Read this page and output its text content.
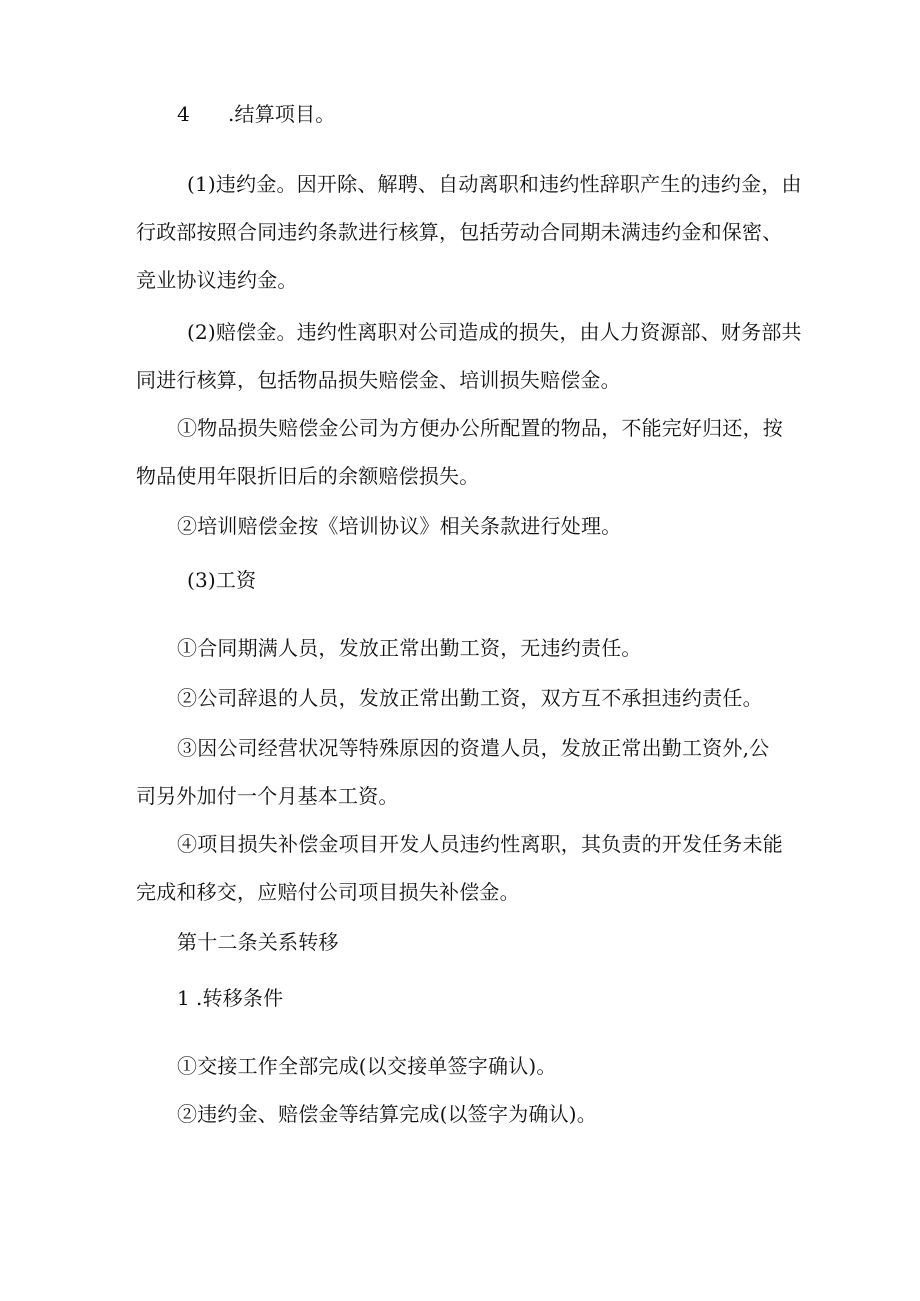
4 .结算项目。
(1)违约金。因开除、解聘、自动离职和违约性辞职产生的违约金，由
行政部按照合同违约条款进行核算，包括劳动合同期未满违约金和保密、
竞业协议违约金。
(2)赔偿金。违约性离职对公司造成的损失，由人力资源部、财务部共
同进行核算，包括物品损失赔偿金、培训损失赔偿金。
①物品损失赔偿金公司为方便办公所配置的物品，不能完好归还，按
物品使用年限折旧后的余额赔偿损失。
②培训赔偿金按《培训协议》相关条款进行处理。
(3)工资
①合同期满人员，发放正常出勤工资，无违约责任。
②公司辞退的人员，发放正常出勤工资，双方互不承担违约责任。
③因公司经营状况等特殊原因的资遣人员，发放正常出勤工资外,公
司另外加付一个月基本工资。
④项目损失补偿金项目开发人员违约性离职，其负责的开发任务未能
完成和移交，应赔付公司项目损失补偿金。
第十二条关系转移
1 .转移条件
①交接工作全部完成(以交接单签字确认)。
②违约金、赔偿金等结算完成(以签字为确认)。
